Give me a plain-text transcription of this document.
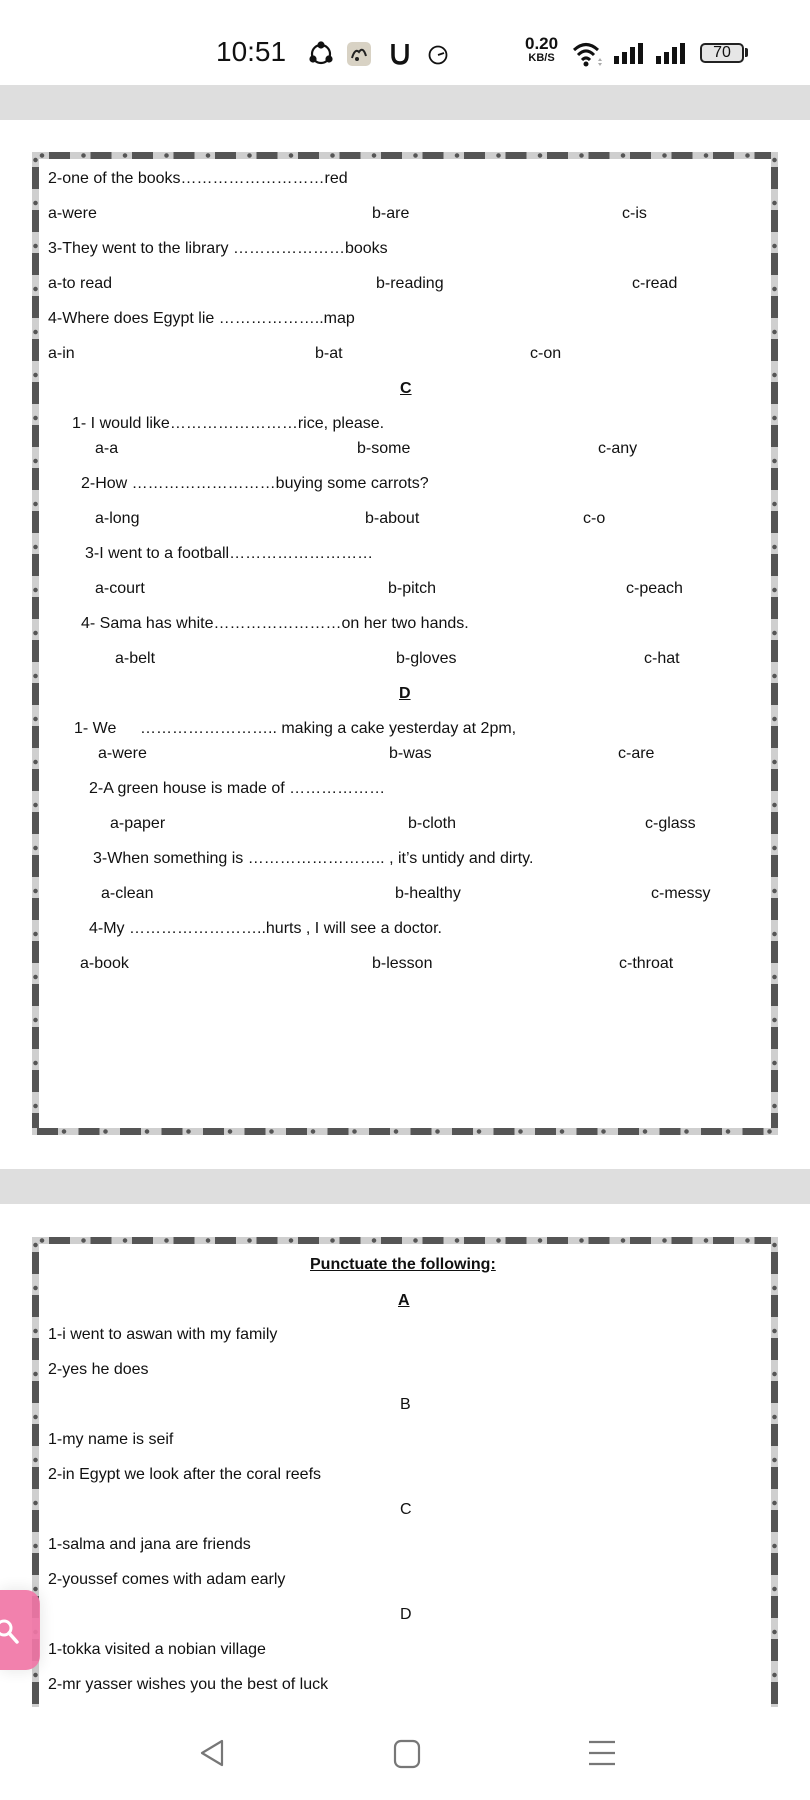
10:51	0.20
KB/S	70
2-one of the books………………………red
a-were	b-are	c-is
3-They went to the library …………………books
a-to read	b-reading	c-read
4-Where does Egypt lie ………………..map
a-in	b-at	c-on
C
1- I would like……………………rice, please.
a-a	b-some	c-any
2-How ………………………buying some carrots?
a-long	b-about	c-o
3-I went to a football………………………
a-court	b-pitch	c-peach
4- Sama has white……………………on her two hands.
a-belt	b-gloves	c-hat
D
1- We …………………….. making a cake yesterday at 2pm,
a-were	b-was	c-are
2-A green house is made of ………………
a-paper	b-cloth	c-glass
3-When something is …………………….. , it’s untidy and dirty.
a-clean	b-healthy	c-messy
4-My ……………………..hurts , I will see a doctor.
a-book	b-lesson	c-throat
Punctuate the following:
A
1-i went to aswan with my family
2-yes he does
B
1-my name is seif
2-in Egypt we look after the coral reefs
C
1-salma and jana are friends
2-youssef comes with adam early
D
1-tokka visited a nobian village
2-mr yasser wishes you the best of luck
